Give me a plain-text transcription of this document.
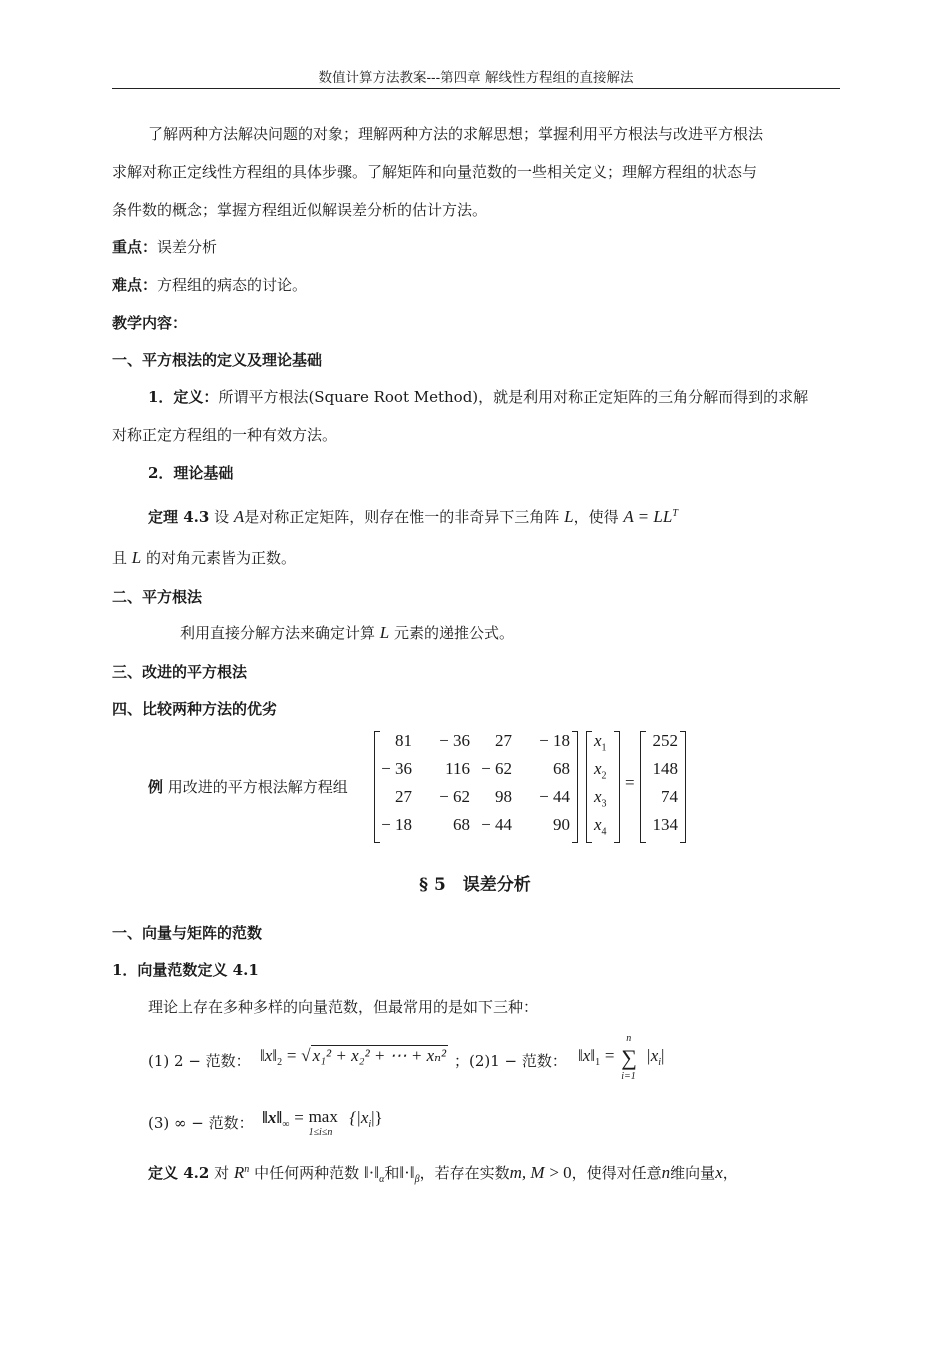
数值计算方法教案---第四章 解线性方程组的直接解法
了解两种方法解决问题的对象；理解两种方法的求解思想；掌握利用平方根法与改进平方根法
求解对称正定线性方程组的具体步骤。了解矩阵和向量范数的一些相关定义；理解方程组的状态与
条件数的概念；掌握方程组近似解误差分析的估计方法。
重点：误差分析
难点：方程组的病态的讨论。
教学内容：
一、平方根法的定义及理论基础
1．定义：所谓平方根法(Square Root Method)，就是利用对称正定矩阵的三角分解而得到的求解
对称正定方程组的一种有效方法。
2．理论基础
定理 4.3 设 A是对称正定矩阵，则存在惟一的非奇异下三角阵 L，使得 $A = LL^T$
且 L 的对角元素皆为正数。
二、平方根法
利用直接分解方法来确定计算 L 元素的递推公式。
三、改进的平方根法
四、比较两种方法的优劣
例 用改进的平方根法解方程组
81 − 36 27 − 18
− 36 116 − 62 68
27 − 62 98 − 44
− 18 68 − 44 90
$x_1$
$x_2$
$x_3$
$x_4$
=
252
148
74
134
§ 5　误差分析
一、向量与矩阵的范数
1．向量范数定义 4.1
理论上存在多种多样的向量范数，但最常用的是如下三种：
(1) 2 − 范数： $‖x‖_2$ = √ x₁² + x₂² + ⋯ + xₙ² ；(2)1 − 范数： $‖x‖_1$ = ∑
n
i=1
$|x_i|$
(3) ∞ − 范数： $‖x‖_\infty = \max$
1≤i≤n
$\{|x_i|\}$
定义 4.2 对 $R^n$ 中任何两种范数 $‖\cdot‖_\alpha$和$‖\cdot‖_\beta$，若存在实数m, M > 0，使得对任意n维向量x，
